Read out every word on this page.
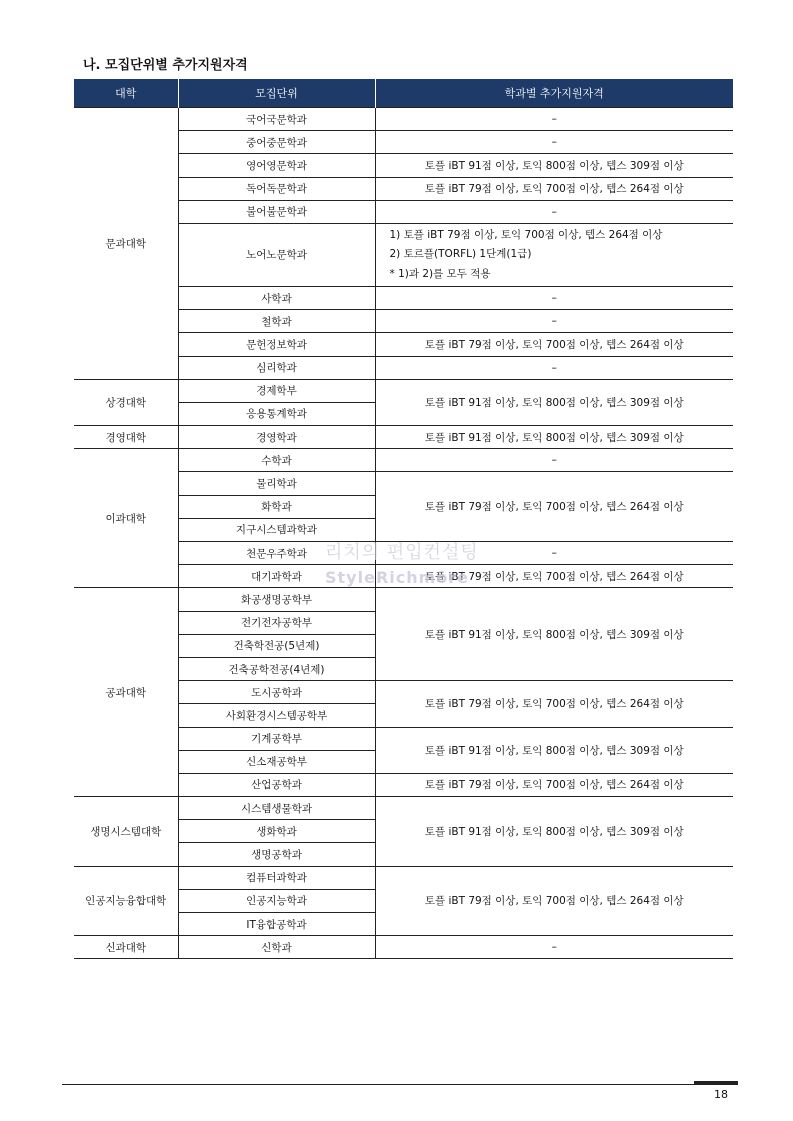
나. 모집단위별 추가지원자격
대학	모집단위	학과별 추가지원자격
문과대학	국어국문학과	–
	중어중문학과	–
	영어영문학과	토플 iBT 91점 이상, 토익 800점 이상, 텝스 309점 이상
	독어독문학과	토플 iBT 79점 이상, 토익 700점 이상, 텝스 264점 이상
	불어불문학과	–
	노어노문학과	1) 토플 iBT 79점 이상, 토익 700점 이상, 텝스 264점 이상
2) 토르플(TORFL) 1단계(1급)
* 1)과 2)를 모두 적용

	사학과	–
	철학과	–
	문헌정보학과	토플 iBT 79점 이상, 토익 700점 이상, 텝스 264점 이상
	심리학과	–
상경대학	경제학부	토플 iBT 91점 이상, 토익 800점 이상, 텝스 309점 이상
	응용통계학과	
경영대학	경영학과	토플 iBT 91점 이상, 토익 800점 이상, 텝스 309점 이상
이과대학	수학과	–
	물리학과	토플 iBT 79점 이상, 토익 700점 이상, 텝스 264점 이상
	화학과	
	지구시스템과학과	
	천문우주학과	–
	대기과학과	토플 iBT 79점 이상, 토익 700점 이상, 텝스 264점 이상
공과대학	화공생명공학부	토플 iBT 91점 이상, 토익 800점 이상, 텝스 309점 이상
	전기전자공학부	
	건축학전공(5년제)	
	건축공학전공(4년제)	
	도시공학과	토플 iBT 79점 이상, 토익 700점 이상, 텝스 264점 이상
	사회환경시스템공학부	
	기계공학부	토플 iBT 91점 이상, 토익 800점 이상, 텝스 309점 이상
	신소재공학부	
	산업공학과	토플 iBT 79점 이상, 토익 700점 이상, 텝스 264점 이상
생명시스템대학	시스템생물학과	토플 iBT 91점 이상, 토익 800점 이상, 텝스 309점 이상
	생화학과	
	생명공학과	
인공지능융합대학	컴퓨터과학과	토플 iBT 79점 이상, 토익 700점 이상, 텝스 264점 이상
	인공지능학과	
	IT융합공학과	
신과대학	신학과	–
리치의 편입컨설팅
StyleRichmore
18
